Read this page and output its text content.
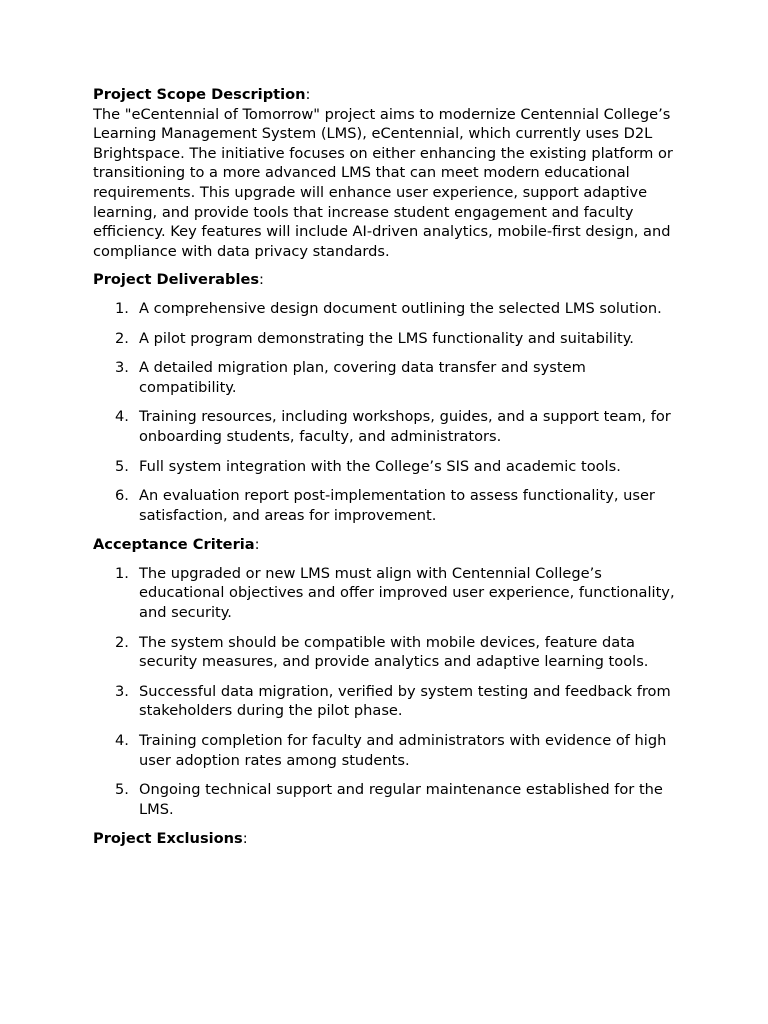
Project Scope Description:

The "eCentennial of Tomorrow" project aims to modernize Centennial College’s Learning Management System (LMS), eCentennial, which currently uses D2L Brightspace. The initiative focuses on either enhancing the existing platform or transitioning to a more advanced LMS that can meet modern educational requirements. This upgrade will enhance user experience, support adaptive learning, and provide tools that increase student engagement and faculty efficiency. Key features will include AI-driven analytics, mobile-first design, and compliance with data privacy standards.

Project Deliverables:

1. A comprehensive design document outlining the selected LMS solution.
2. A pilot program demonstrating the LMS functionality and suitability.
3. A detailed migration plan, covering data transfer and system compatibility.
4. Training resources, including workshops, guides, and a support team, for onboarding students, faculty, and administrators.
5. Full system integration with the College’s SIS and academic tools.
6. An evaluation report post-implementation to assess functionality, user satisfaction, and areas for improvement.

Acceptance Criteria:

1. The upgraded or new LMS must align with Centennial College’s educational objectives and offer improved user experience, functionality, and security.
2. The system should be compatible with mobile devices, feature data security measures, and provide analytics and adaptive learning tools.
3. Successful data migration, verified by system testing and feedback from stakeholders during the pilot phase.
4. Training completion for faculty and administrators with evidence of high user adoption rates among students.
5. Ongoing technical support and regular maintenance established for the LMS.

Project Exclusions:
